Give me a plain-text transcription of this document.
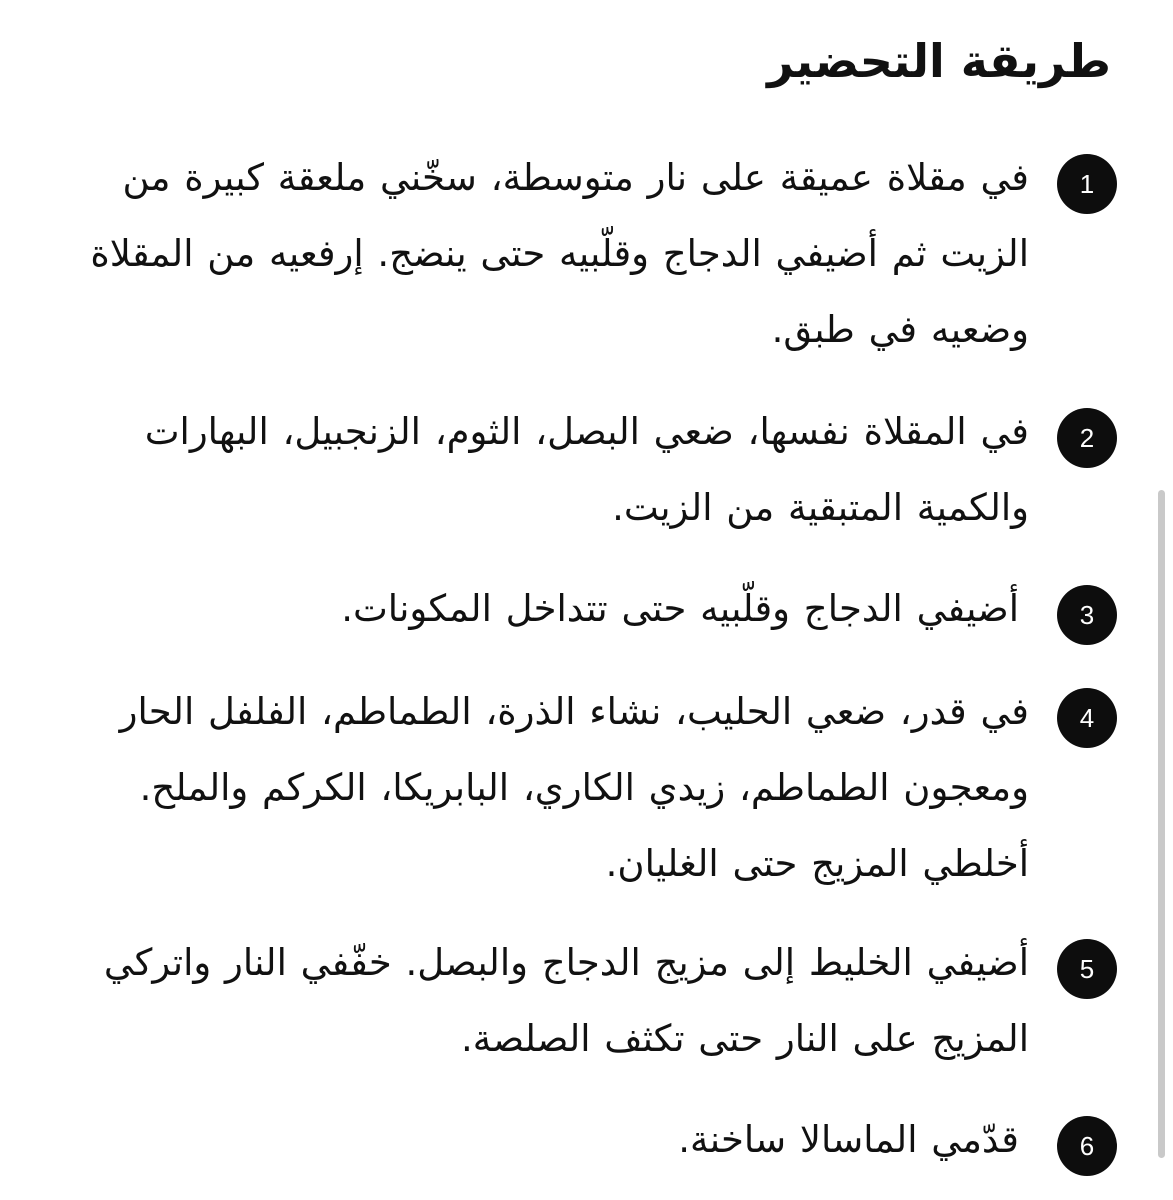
طريقة التحضير
1
في مقلاة عميقة على نار متوسطة، سخّني ملعقة كبيرة من الزيت ثم أضيفي الدجاج وقلّبيه حتى ينضج. إرفعيه من المقلاة وضعيه في طبق.
2
في المقلاة نفسها، ضعي البصل، الثوم، الزنجبيل، البهارات والكمية المتبقية من الزيت.
3
أضيفي الدجاج وقلّبيه حتى تتداخل المكونات.
4
في قدر، ضعي الحليب، نشاء الذرة، الطماطم، الفلفل الحار ومعجون الطماطم، زيدي الكاري، البابريكا، الكركم والملح. أخلطي المزيج حتى الغليان.
5
أضيفي الخليط إلى مزيج الدجاج والبصل. خفّفي النار واتركي المزيج على النار حتى تكثف الصلصة.
6
قدّمي الماسالا ساخنة.
